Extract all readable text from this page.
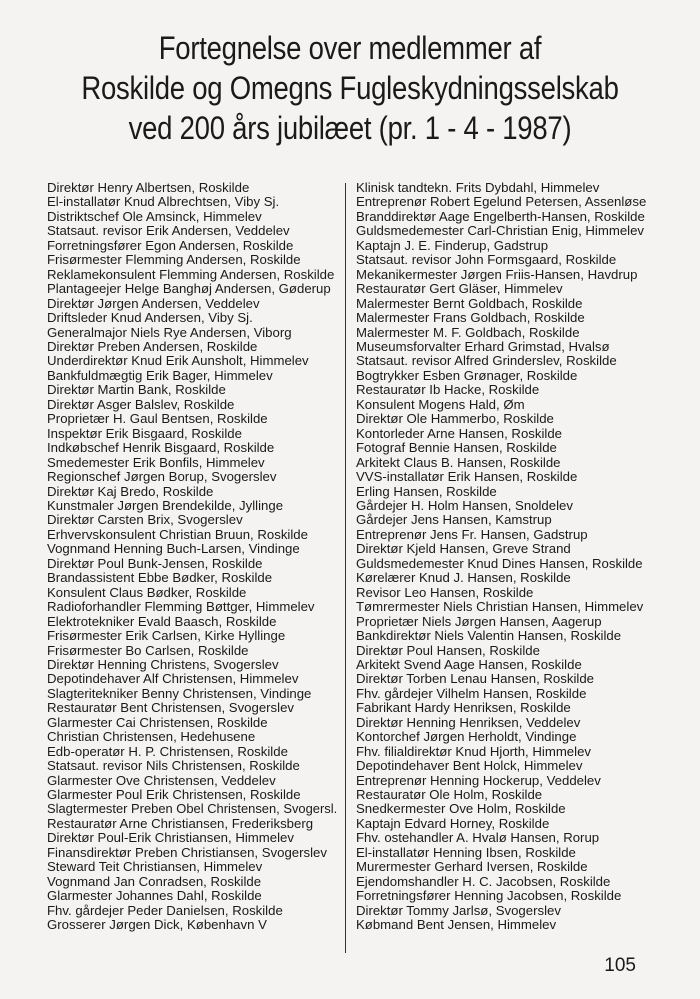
Fortegnelse over medlemmer af
Roskilde og Omegns Fugleskydningsselskab
ved 200 års jubilæet (pr. 1 - 4 - 1987)
Direktør Henry Albertsen, Roskilde
El-installatør Knud Albrechtsen, Viby Sj.
Distriktschef Ole Amsinck, Himmelev
Statsaut. revisor Erik Andersen, Veddelev
Forretningsfører Egon Andersen, Roskilde
Frisørmester Flemming Andersen, Roskilde
Reklamekonsulent Flemming Andersen, Roskilde
Plantageejer Helge Banghøj Andersen, Gøderup
Direktør Jørgen Andersen, Veddelev
Driftsleder Knud Andersen, Viby Sj.
Generalmajor Niels Rye Andersen, Viborg
Direktør Preben Andersen, Roskilde
Underdirektør Knud Erik Aunsholt, Himmelev
Bankfuldmægtig Erik Bager, Himmelev
Direktør Martin Bank, Roskilde
Direktør Asger Balslev, Roskilde
Proprietær H. Gaul Bentsen, Roskilde
Inspektør Erik Bisgaard, Roskilde
Indkøbschef Henrik Bisgaard, Roskilde
Smedemester Erik Bonfils, Himmelev
Regionschef Jørgen Borup, Svogerslev
Direktør Kaj Bredo, Roskilde
Kunstmaler Jørgen Brendekilde, Jyllinge
Direktør Carsten Brix, Svogerslev
Erhvervskonsulent Christian Bruun, Roskilde
Vognmand Henning Buch-Larsen, Vindinge
Direktør Poul Bunk-Jensen, Roskilde
Brandassistent Ebbe Bødker, Roskilde
Konsulent Claus Bødker, Roskilde
Radioforhandler Flemming Bøttger, Himmelev
Elektrotekniker Evald Baasch, Roskilde
Frisørmester Erik Carlsen, Kirke Hyllinge
Frisørmester Bo Carlsen, Roskilde
Direktør Henning Christens, Svogerslev
Depotindehaver Alf Christensen, Himmelev
Slagteritekniker Benny Christensen, Vindinge
Restauratør Bent Christensen, Svogerslev
Glarmester Cai Christensen, Roskilde
Christian Christensen, Hedehusene
Edb-operatør H. P. Christensen, Roskilde
Statsaut. revisor Nils Christensen, Roskilde
Glarmester Ove Christensen, Veddelev
Glarmester Poul Erik Christensen, Roskilde
Slagtermester Preben Obel Christensen, Svogersl.
Restauratør Arne Christiansen, Frederiksberg
Direktør Poul-Erik Christiansen, Himmelev
Finansdirektør Preben Christiansen, Svogerslev
Steward Teit Christiansen, Himmelev
Vognmand Jan Conradsen, Roskilde
Glarmester Johannes Dahl, Roskilde
Fhv. gårdejer Peder Danielsen, Roskilde
Grosserer Jørgen Dick, København V
Klinisk tandtekn. Frits Dybdahl, Himmelev
Entreprenør Robert Egelund Petersen, Assenløse
Branddirektør Aage Engelberth-Hansen, Roskilde
Guldsmedemester Carl-Christian Enig, Himmelev
Kaptajn J. E. Finderup, Gadstrup
Statsaut. revisor John Formsgaard, Roskilde
Mekanikermester Jørgen Friis-Hansen, Havdrup
Restauratør Gert Gläser, Himmelev
Malermester Bernt Goldbach, Roskilde
Malermester Frans Goldbach, Roskilde
Malermester M. F. Goldbach, Roskilde
Museumsforvalter Erhard Grimstad, Hvalsø
Statsaut. revisor Alfred Grinderslev, Roskilde
Bogtrykker Esben Grønager, Roskilde
Restauratør Ib Hacke, Roskilde
Konsulent Mogens Hald, Øm
Direktør Ole Hammerbo, Roskilde
Kontorleder Arne Hansen, Roskilde
Fotograf Bennie Hansen, Roskilde
Arkitekt Claus B. Hansen, Roskilde
VVS-installatør Erik Hansen, Roskilde
Erling Hansen, Roskilde
Gårdejer H. Holm Hansen, Snoldelev
Gårdejer Jens Hansen, Kamstrup
Entreprenør Jens Fr. Hansen, Gadstrup
Direktør Kjeld Hansen, Greve Strand
Guldsmedemester Knud Dines Hansen, Roskilde
Kørelærer Knud J. Hansen, Roskilde
Revisor Leo Hansen, Roskilde
Tømrermester Niels Christian Hansen, Himmelev
Proprietær Niels Jørgen Hansen, Aagerup
Bankdirektør Niels Valentin Hansen, Roskilde
Direktør Poul Hansen, Roskilde
Arkitekt Svend Aage Hansen, Roskilde
Direktør Torben Lenau Hansen, Roskilde
Fhv. gårdejer Vilhelm Hansen, Roskilde
Fabrikant Hardy Henriksen, Roskilde
Direktør Henning Henriksen, Veddelev
Kontorchef Jørgen Herholdt, Vindinge
Fhv. filialdirektør Knud Hjorth, Himmelev
Depotindehaver Bent Holck, Himmelev
Entreprenør Henning Hockerup, Veddelev
Restauratør Ole Holm, Roskilde
Snedkermester Ove Holm, Roskilde
Kaptajn Edvard Horney, Roskilde
Fhv. ostehandler A. Hvalø Hansen, Rorup
El-installatør Henning Ibsen, Roskilde
Murermester Gerhard Iversen, Roskilde
Ejendomshandler H. C. Jacobsen, Roskilde
Forretningsfører Henning Jacobsen, Roskilde
Direktør Tommy Jarlsø, Svogerslev
Købmand Bent Jensen, Himmelev
105
